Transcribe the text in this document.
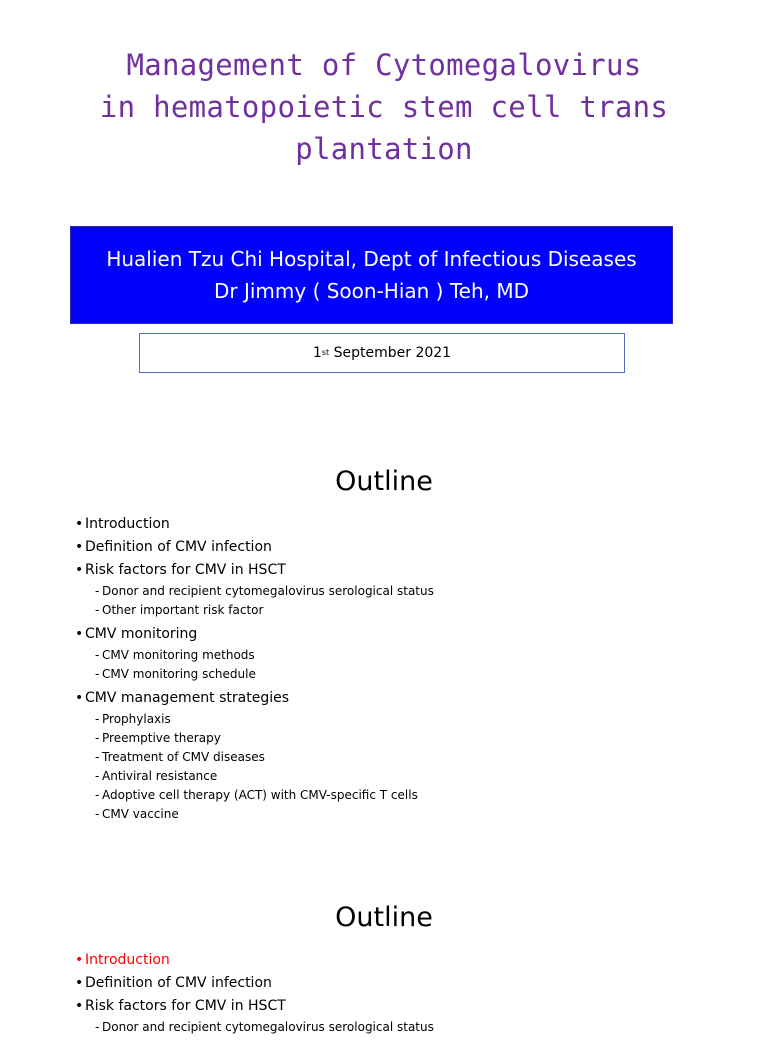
Management of Cytomegalovirus
in hematopoietic stem cell trans
plantation
Hualien Tzu Chi Hospital, Dept of Infectious Diseases
Dr Jimmy ( Soon-Hian ) Teh, MD
1 st September 2021
Outline
• Introduction
• Definition of CMV infection
• Risk factors for CMV in HSCT
- Donor and recipient cytomegalovirus serological status
- Other important risk factor
• CMV monitoring
- CMV monitoring methods
- CMV monitoring schedule
• CMV management strategies
- Prophylaxis
- Preemptive therapy
- Treatment of CMV diseases
- Antiviral resistance
- Adoptive cell therapy (ACT) with CMV-specific T cells
- CMV vaccine
Outline
• Introduction
• Definition of CMV infection
• Risk factors for CMV in HSCT
- Donor and recipient cytomegalovirus serological status
